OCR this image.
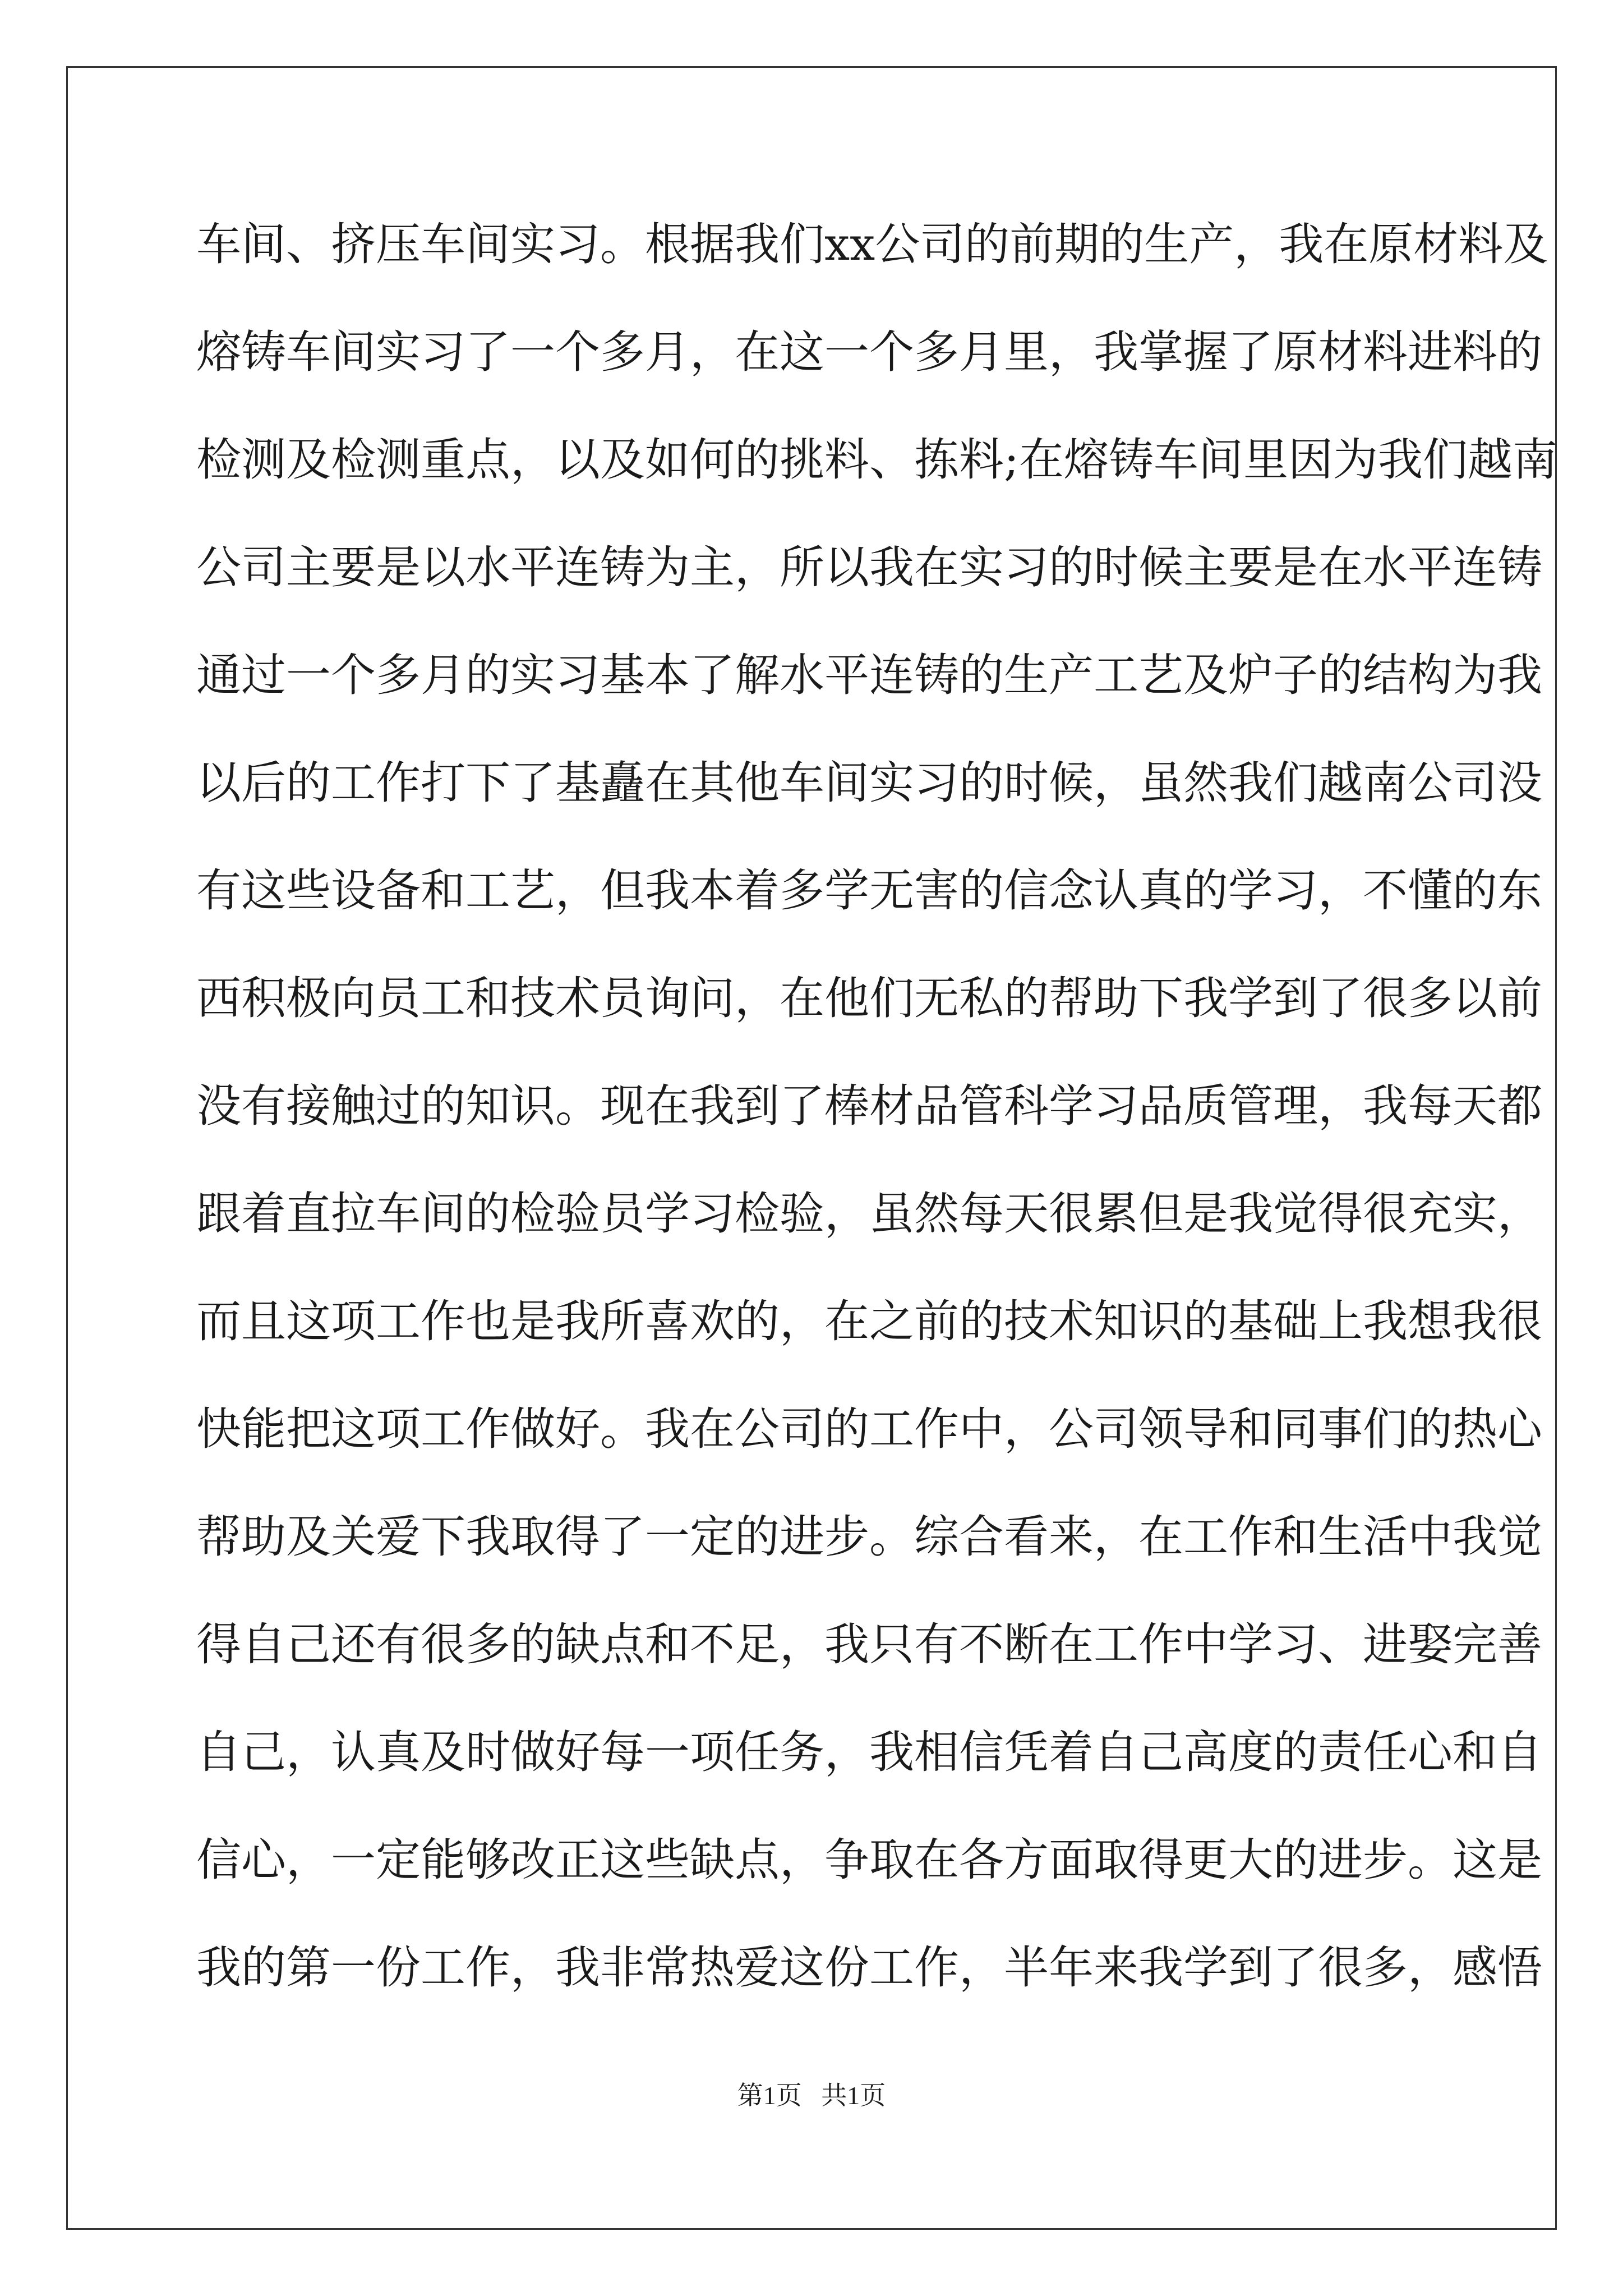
车间、挤压车间实习。根据我们xx公司的前期的生产，我在原材料及
熔铸车间实习了一个多月，在这一个多月里，我掌握了原材料进料的
检测及检测重点，以及如何的挑料、拣料;在熔铸车间里因为我们越南
公司主要是以水平连铸为主，所以我在实习的时候主要是在水平连铸
通过一个多月的实习基本了解水平连铸的生产工艺及炉子的结构为我
以后的工作打下了基矗在其他车间实习的时候，虽然我们越南公司没
有这些设备和工艺，但我本着多学无害的信念认真的学习，不懂的东
西积极向员工和技术员询问，在他们无私的帮助下我学到了很多以前
没有接触过的知识。现在我到了棒材品管科学习品质管理，我每天都
跟着直拉车间的检验员学习检验，虽然每天很累但是我觉得很充实，
而且这项工作也是我所喜欢的，在之前的技术知识的基础上我想我很
快能把这项工作做好。我在公司的工作中，公司领导和同事们的热心
帮助及关爱下我取得了一定的进步。综合看来，在工作和生活中我觉
得自己还有很多的缺点和不足，我只有不断在工作中学习、进娶完善
自己，认真及时做好每一项任务，我相信凭着自己高度的责任心和自
信心，一定能够改正这些缺点，争取在各方面取得更大的进步。这是
我的第一份工作，我非常热爱这份工作，半年来我学到了很多，感悟
第1页 共1页
